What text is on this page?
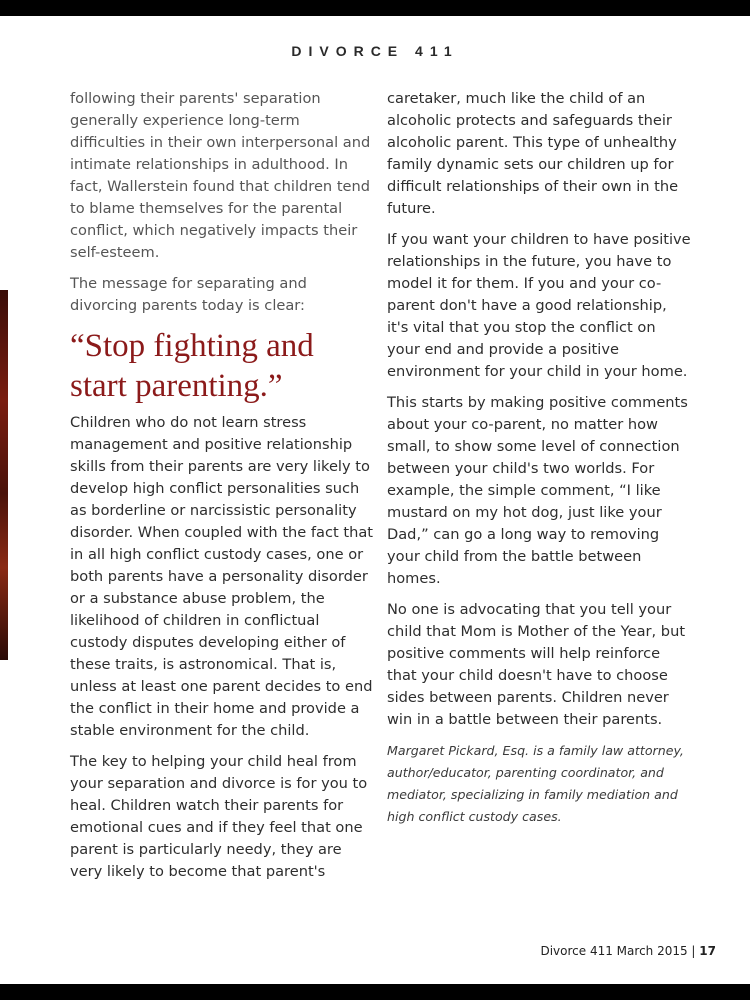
DIVORCE 411

following their parents' separation generally experience long-term difficulties in their own interpersonal and intimate relationships in adulthood. In fact, Wallerstein found that children tend to blame themselves for the parental conflict, which negatively impacts their self-esteem.

The message for separating and divorcing parents today is clear:

“Stop fighting and start parenting.”

Children who do not learn stress management and positive relationship skills from their parents are very likely to develop high conflict personalities such as borderline or narcissistic personality disorder. When coupled with the fact that in all high conflict custody cases, one or both parents have a personality disorder or a substance abuse problem, the likelihood of children in conflictual custody disputes developing either of these traits, is astronomical. That is, unless at least one parent decides to end the conflict in their home and provide a stable environment for the child.

The key to helping your child heal from your separation and divorce is for you to heal. Children watch their parents for emotional cues and if they feel that one parent is particularly needy, they are very likely to become that parent's

caretaker, much like the child of an alcoholic protects and safeguards their alcoholic parent. This type of unhealthy family dynamic sets our children up for difficult relationships of their own in the future.

If you want your children to have positive relationships in the future, you have to model it for them. If you and your co-parent don't have a good relationship, it's vital that you stop the conflict on your end and provide a positive environment for your child in your home.

This starts by making positive comments about your co-parent, no matter how small, to show some level of connection between your child's two worlds. For example, the simple comment, “I like mustard on my hot dog, just like your Dad,” can go a long way to removing your child from the battle between homes.

No one is advocating that you tell your child that Mom is Mother of the Year, but positive comments will help reinforce that your child doesn't have to choose sides between parents. Children never win in a battle between their parents.

Margaret Pickard, Esq. is a family law attorney, author/educator, parenting coordinator, and mediator, specializing in family mediation and high conflict custody cases.

Divorce 411 March 2015 | 17
